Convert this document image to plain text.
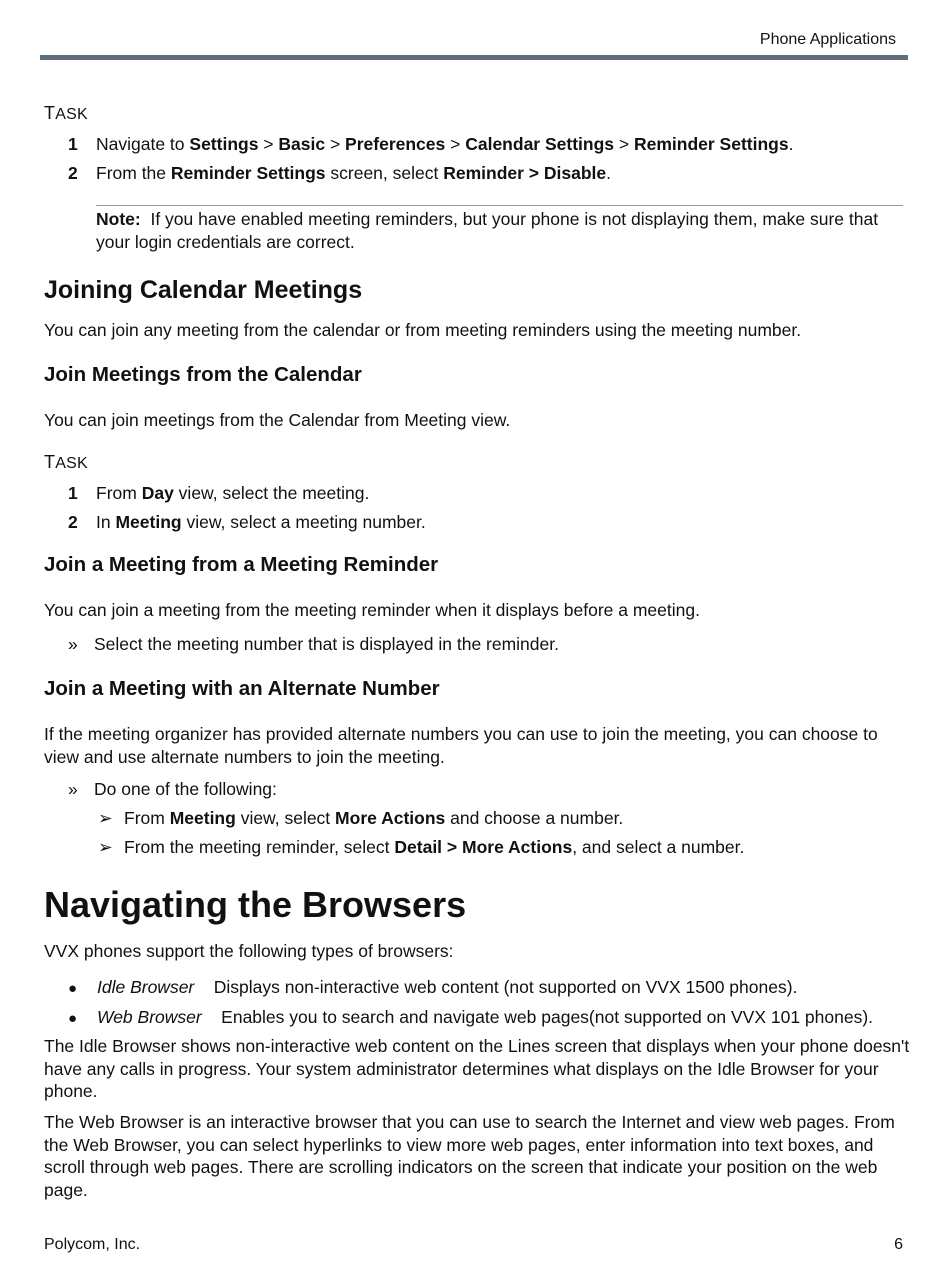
Phone Applications
TASK
1 Navigate to Settings > Basic > Preferences > Calendar Settings > Reminder Settings.
2 From the Reminder Settings screen, select Reminder > Disable.
Note: If you have enabled meeting reminders, but your phone is not displaying them, make sure that your login credentials are correct.
Joining Calendar Meetings
You can join any meeting from the calendar or from meeting reminders using the meeting number.
Join Meetings from the Calendar
You can join meetings from the Calendar from Meeting view.
TASK
1 From Day view, select the meeting.
2 In Meeting view, select a meeting number.
Join a Meeting from a Meeting Reminder
You can join a meeting from the meeting reminder when it displays before a meeting.
» Select the meeting number that is displayed in the reminder.
Join a Meeting with an Alternate Number
If the meeting organizer has provided alternate numbers you can use to join the meeting, you can choose to view and use alternate numbers to join the meeting.
» Do one of the following:
➢ From Meeting view, select More Actions and choose a number.
➢ From the meeting reminder, select Detail > More Actions, and select a number.
Navigating the Browsers
VVX phones support the following types of browsers:
● Idle Browser Displays non-interactive web content (not supported on VVX 1500 phones).
● Web Browser Enables you to search and navigate web pages(not supported on VVX 101 phones).
The Idle Browser shows non-interactive web content on the Lines screen that displays when your phone doesn't have any calls in progress. Your system administrator determines what displays on the Idle Browser for your phone.
The Web Browser is an interactive browser that you can use to search the Internet and view web pages. From the Web Browser, you can select hyperlinks to view more web pages, enter information into text boxes, and scroll through web pages. There are scrolling indicators on the screen that indicate your position on the web page.
Polycom, Inc.	6
